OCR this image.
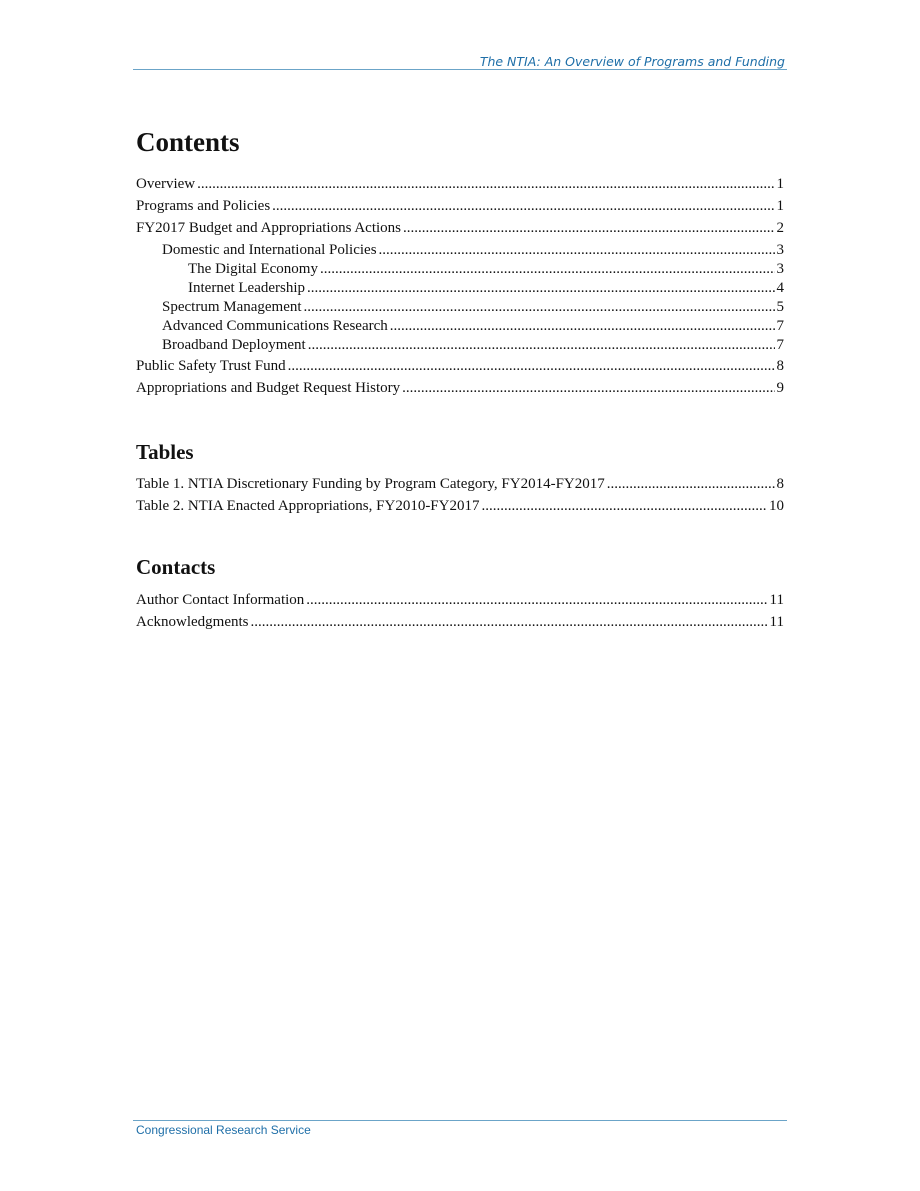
The NTIA: An Overview of Programs and Funding
Contents
Overview .....	1
Programs and Policies .....	1
FY2017 Budget and Appropriations Actions .....	2
Domestic and International Policies .....	3
The Digital Economy .....	3
Internet Leadership .....	4
Spectrum Management .....	5
Advanced Communications Research .....	7
Broadband Deployment .....	7
Public Safety Trust Fund .....	8
Appropriations and Budget Request History .....	9
Tables
Table 1. NTIA Discretionary Funding by Program Category, FY2014-FY2017 .....	8
Table 2. NTIA Enacted Appropriations, FY2010-FY2017 .....	10
Contacts
Author Contact Information .....	11
Acknowledgments .....	11
Congressional Research Service
